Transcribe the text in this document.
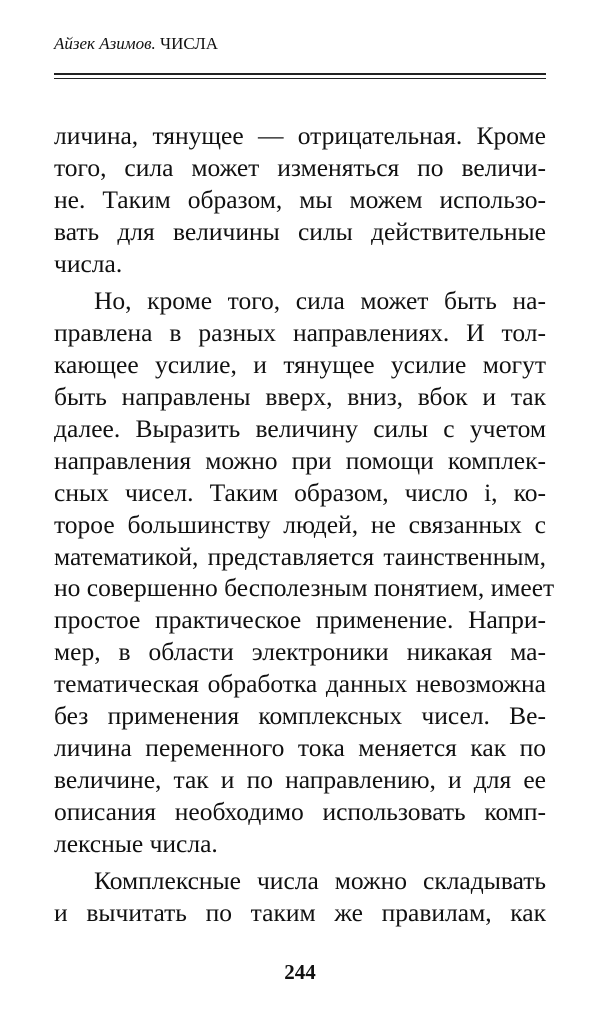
Айзек Азимов. ЧИСЛА
личина, тянущее — отрицательная. Кроме
того, сила может изменяться по величи-
не. Таким образом, мы можем использо-
вать для величины силы действительные
числа.
Но, кроме того, сила может быть на-
правлена в разных направлениях. И тол-
кающее усилие, и тянущее усилие могут
быть направлены вверх, вниз, вбок и так
далее. Выразить величину силы с учетом
направления можно при помощи комплек-
сных чисел. Таким образом, число i, ко-
торое большинству людей, не связанных с
математикой, представляется таинственным,
но совершенно бесполезным понятием, имеет
простое практическое применение. Напри-
мер, в области электроники никакая ма-
тематическая обработка данных невозможна
без применения комплексных чисел. Ве-
личина переменного тока меняется как по
величине, так и по направлению, и для ее
описания необходимо использовать комп-
лексные числа.
Комплексные числа можно складывать
и вычитать по таким же правилам, как
244
